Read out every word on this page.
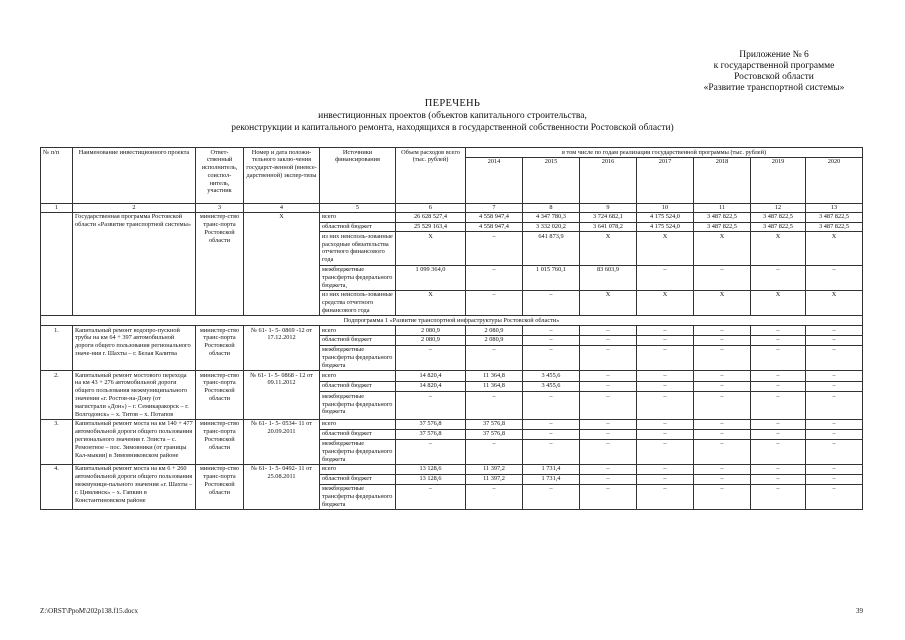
Приложение № 6
к государственной программе
Ростовской области
«Развитие транспортной системы»
ПЕРЕЧЕНЬ
инвестиционных проектов (объектов капитального строительства,
реконструкции и капитального ремонта, находящихся в государственной собственности Ростовской области)
№ п/п	Наименование инвестиционного проекта	Ответ-ственный исполнитель, соиспол-нитель, участник	Номер и дата положи-тельного заклю-чения государст-венной (вневсе-дарственной) экспер-тизы	Источники финансирования	Объем расходов всего (тыс. рублей)	в том числе по годам реализации государственной программы (тыс. рублей)						
						2014	2015	2016	2017	2018	2019	2020
1	2	3	4	5	6	7	8	9	10	11	12	13
	Государственная программа Ростовской области «Развитие транспортной системы»	министер-ство транс-порта Ростовской области	Х	всего	26 628 527,4	4 558 947,4	4 347 780,3	3 724 682,1	4 175 524,0	3 487 822,5	3 487 822,5	3 487 822,5
				областной бюджет	25 529 163,4	4 558 947,4	3 332 020,2	3 641 078,2	4 175 524,0	3 487 822,5	3 487 822,5	3 487 822,5
				из них неисполь-зованные расходные обязательства отчетного финансового года	Х	–	641 873,9	Х	Х	Х	Х	Х
				межбюджетные трансферты федерального бюджета,	1 099 364,0	–	1 015 760,1	83 603,9	–	–	–	–
				из них неисполь-зованные средства отчетного финансового года	Х	–	–	Х	Х	Х	Х	Х
Подпрограмма 1 «Развитие транспортной инфраструктуры Ростовской области»												
1.	Капитальный ремонт водопро-пускной трубы на км 64 + 397 автомобильной дороги общего пользования регионального значе-ния г. Шахты – г. Белая Калитва	министер-ство транс-порта Ростовской области	№ 61- 1- 5- 0869 -12 от 17.12.2012	всего	2 080,9	2 080,9	–	–	–	–	–	–
				областной бюджет	2 080,9	2 080,9	–	–	–	–	–	–
				межбюджетные трансферты федерального бюджета	–	–	–	–	–	–	–	–
2.	Капитальный ремонт мостового перехода на км 43 + 276 автомобильной дороги общего пользования межмуниципального значения «г. Ростов-на-Дону (от магистрали «Дон») – г. Семикаракорск – г. Волгодонск» – х. Титов – х. Потапов	министер-ство транс-порта Ростовской области	№ 61- 1- 5- 0868 - 12 от 09.11.2012	всего	14 820,4	11 364,8	3 455,6	–	–	–	–	–
				областной бюджет	14 820,4	11 364,8	3 455,6	–	–	–	–	–
				межбюджетные трансферты федерального бюджета	–	–	–	–	–	–	–	–
3.	Капитальный ремонт моста на км 140 + 477 автомобильной дороги общего пользования регионального значения г. Элиста – с. Ремонтное – пос. Зимовники (от границы Кал-мыкии) в Зимовниковском районе	министер-ство транс-порта Ростовской области	№ 61- 1- 5- 0534- 11 от 20.09.2011	всего	37 576,8	37 576,8	–	–	–	–	–	–
				областной бюджет	37 576,8	37 576,8	–	–	–	–	–	–
				межбюджетные трансферты федерального бюджета	–	–	–	–	–	–	–	–
4.	Капитальный ремонт моста на км 6 + 260 автомобильной дороги общего пользования межмуници-пального значения «г. Шахты – г. Цимлянск» – х. Гапкин в Константиновском районе	министер-ство транс-порта Ростовской области	№ 61- 1- 5- 0492- 11 от 25.08.2011	всего	13 128,6	11 397,2	1 731,4	–	–	–	–	–
				областной бюджет	13 128,6	11 397,2	1 731,4	–	–	–	–	–
				межбюджетные трансферты федерального бюджета	–	–	–	–	–	–	–	–
Z:\ORST\PpoM\202p138.f15.docx	39
